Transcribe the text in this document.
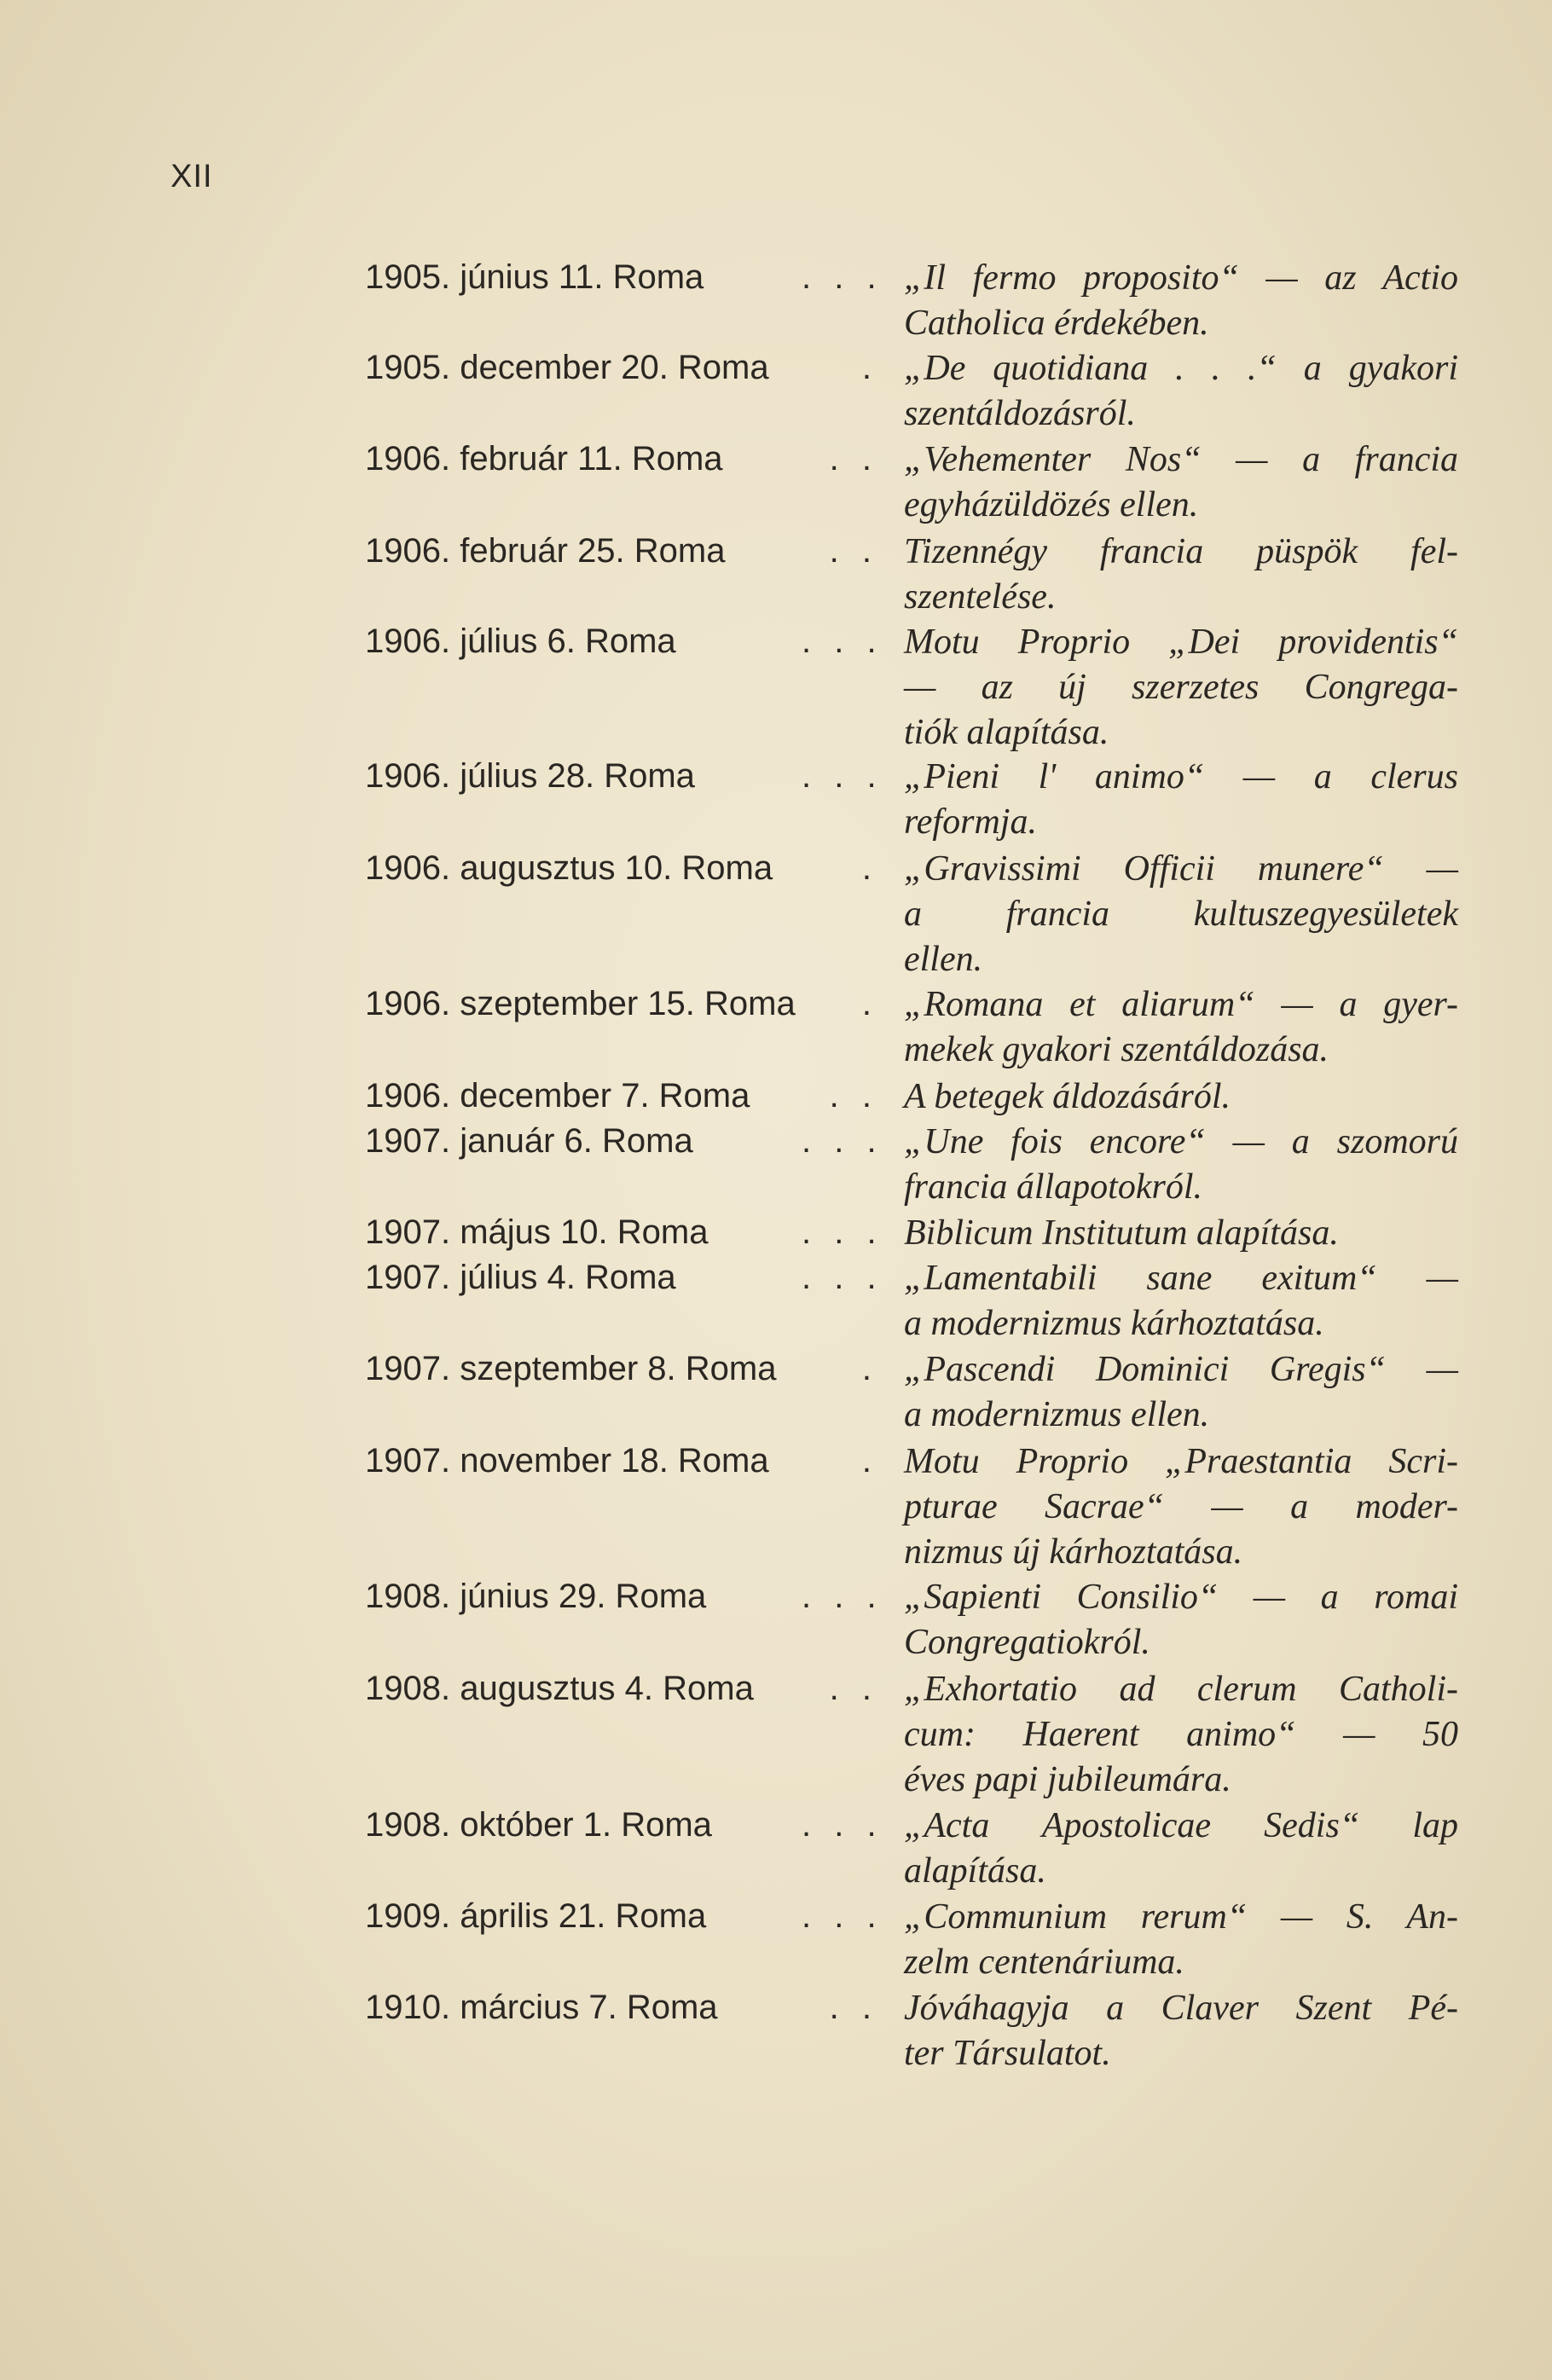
XII
1905. június 11. Roma	. . . „Il fermo proposito“ — az Actio
Catholica érdekében.
1905. december 20. Roma	. „De quotidiana . . .“ a gyakori
szentáldozásról.
1906. február 11. Roma	. . „Vehementer Nos“ — a francia
egyházüldözés ellen.
1906. február 25. Roma	. . Tizennégy francia püspök fel-
szentelése.
1906. július 6. Roma	. . . Motu Proprio „Dei providentis“
— az új szerzetes Congrega-
tiók alapítása.
1906. július 28. Roma	. . . „Pieni l' animo“ — a clerus
reformja.
1906. augusztus 10. Roma	. „Gravissimi Officii munere“ —
a francia kultuszegyesületek
ellen.
1906. szeptember 15. Roma	. „Romana et aliarum“ — a gyer-
mekek gyakori szentáldozása.
1906. december 7. Roma	. . A betegek áldozásáról.
1907. január 6. Roma	. . . „Une fois encore“ — a szomorú
francia állapotokról.
1907. május 10. Roma	. . . Biblicum Institutum alapítása.
1907. július 4. Roma	. . . „Lamentabili sane exitum“ —
a modernizmus kárhoztatása.
1907. szeptember 8. Roma	. „Pascendi Dominici Gregis“ —
a modernizmus ellen.
1907. november 18. Roma	. Motu Proprio „Praestantia Scri-
pturae Sacrae“ — a moder-
nizmus új kárhoztatása.
1908. június 29. Roma	. . . „Sapienti Consilio“ — a romai
Congregatiokról.
1908. augusztus 4. Roma	. . „Exhortatio ad clerum Catholi-
cum: Haerent animo“ — 50
éves papi jubileumára.
1908. október 1. Roma	. . . „Acta Apostolicae Sedis“ lap
alapítása.
1909. április 21. Roma	. . . „Communium rerum“ — S. An-
zelm centenáriuma.
1910. március 7. Roma	. . Jóváhagyja a Claver Szent Pé-
ter Társulatot.
